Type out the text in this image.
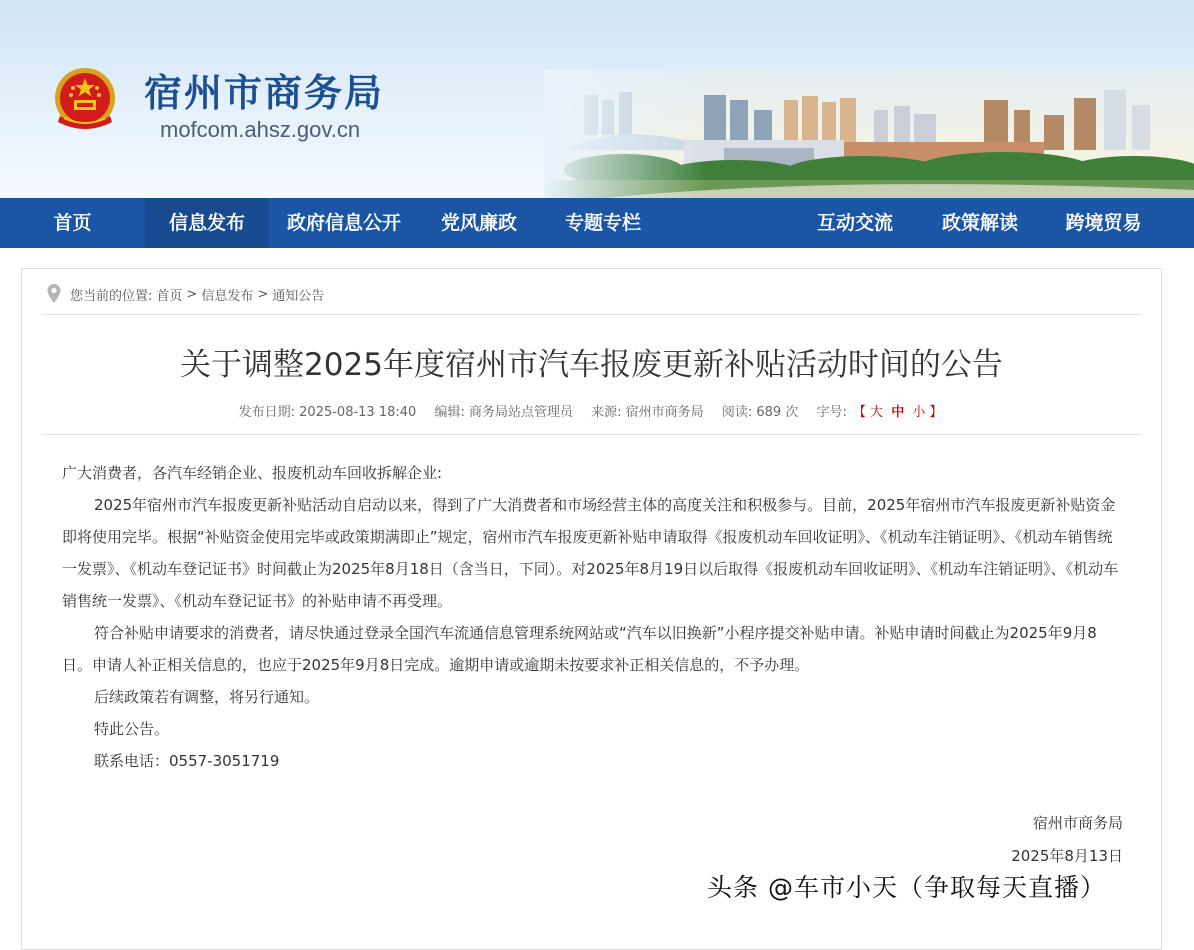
宿州市商务局
mofcom.ahsz.gov.cn
首页	信息发布	政府信息公开	党风廉政	专题专栏	互动交流	政策解读	跨境贸易
您当前的位置: 首页 > 信息发布 > 通知公告
关于调整2025年度宿州市汽车报废更新补贴活动时间的公告
发布日期: 2025-08-13 18:40 编辑: 商务局站点管理员 来源: 宿州市商务局 阅读: 689 次 字号: 【 大 中 小 】

广大消费者，各汽车经销企业、报废机动车回收拆解企业:

2025年宿州市汽车报废更新补贴活动自启动以来，得到了广大消费者和市场经营主体的高度关注和积极参与。目前，2025年宿州市汽车报废更新补贴资金即将使用完毕。根据“补贴资金使用完毕或政策期满即止”规定，宿州市汽车报废更新补贴申请取得《报废机动车回收证明》、《机动车注销证明》、《机动车销售统一发票》、《机动车登记证书》时间截止为2025年8月18日（含当日，下同）。对2025年8月19日以后取得《报废机动车回收证明》、《机动车注销证明》、《机动车销售统一发票》、《机动车登记证书》的补贴申请不再受理。

符合补贴申请要求的消费者，请尽快通过登录全国汽车流通信息管理系统网站或“汽车以旧换新”小程序提交补贴申请。补贴申请时间截止为2025年9月8日。申请人补正相关信息的，也应于2025年9月8日完成。逾期申请或逾期未按要求补正相关信息的，不予办理。

后续政策若有调整，将另行通知。

特此公告。

联系电话：0557-3051719

宿州市商务局
2025年8月13日
头条 @车市小天（争取每天直播）
